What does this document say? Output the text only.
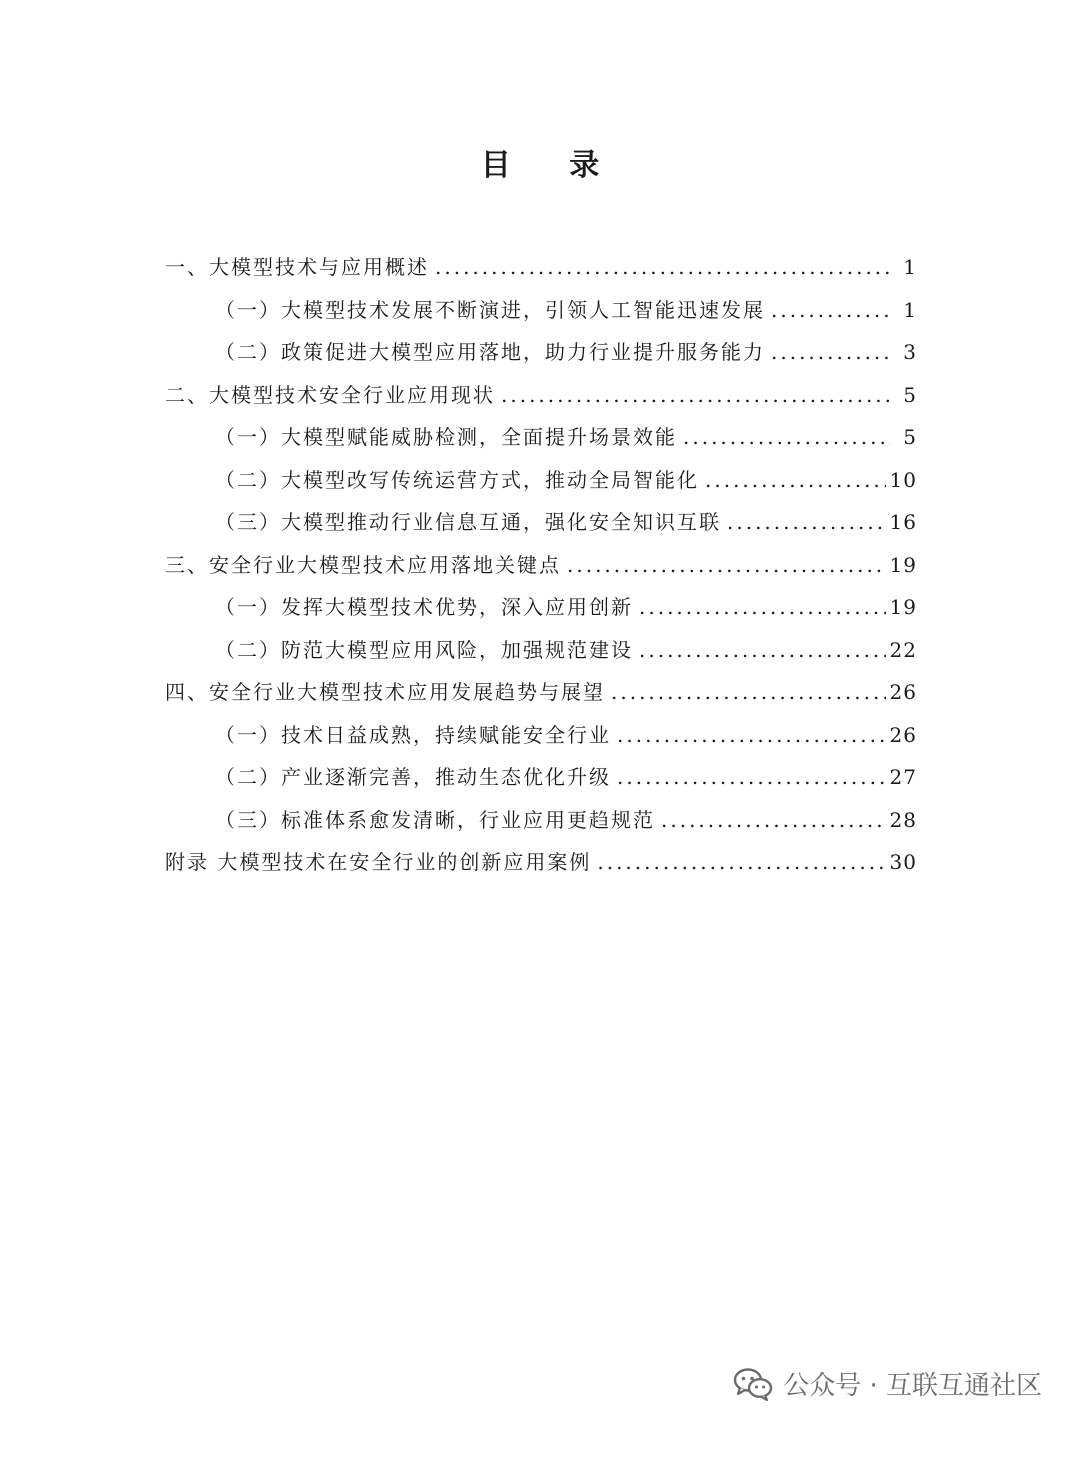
目 录
一、大模型技术与应用概述 .....	1
（一）大模型技术发展不断演进，引领人工智能迅速发展 .....	1
（二）政策促进大模型应用落地，助力行业提升服务能力 .....	3
二、大模型技术安全行业应用现状 .....	5
（一）大模型赋能威胁检测，全面提升场景效能 .....	5
（二）大模型改写传统运营方式，推动全局智能化 .....	10
（三）大模型推动行业信息互通，强化安全知识互联 .....	16
三、安全行业大模型技术应用落地关键点 .....	19
（一）发挥大模型技术优势，深入应用创新 .....	19
（二）防范大模型应用风险，加强规范建设 .....	22
四、安全行业大模型技术应用发展趋势与展望 .....	26
（一）技术日益成熟，持续赋能安全行业 .....	26
（二）产业逐渐完善，推动生态优化升级 .....	27
（三）标准体系愈发清晰，行业应用更趋规范 .....	28
附录 大模型技术在安全行业的创新应用案例 .....	30
公众号 · 互联互通社区
